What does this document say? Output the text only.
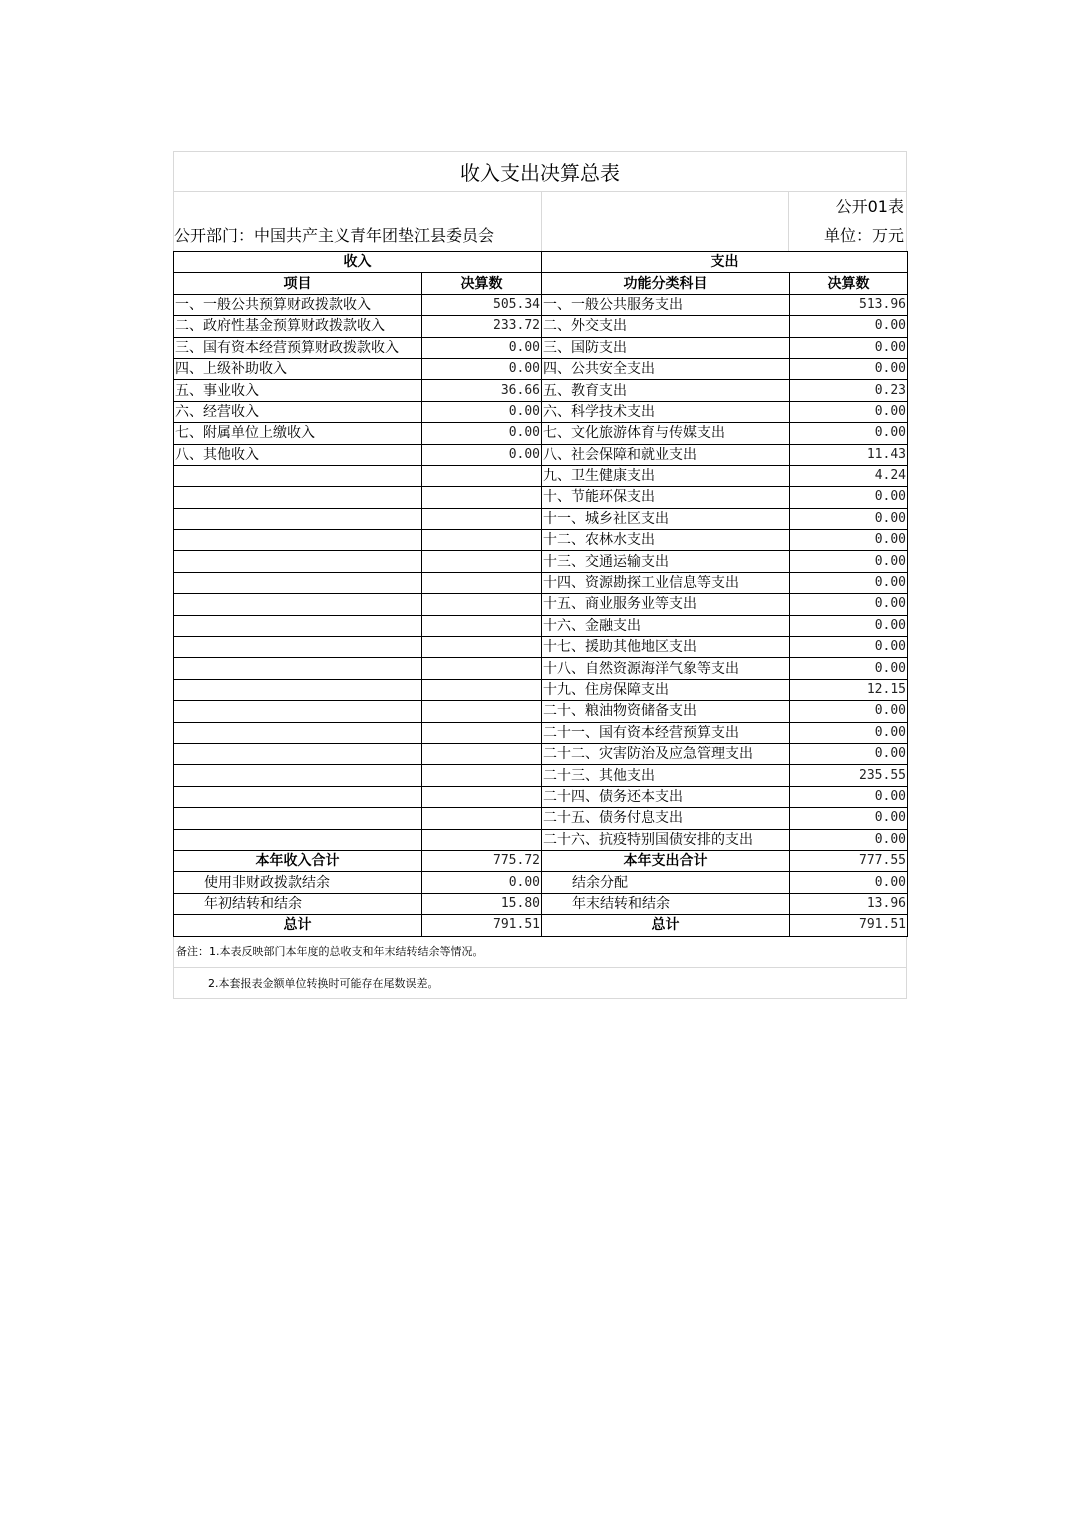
收入支出决算总表
公开01表
公开部门：中国共产主义青年团垫江县委员会	单位：万元
收入		支出	
项目	决算数	功能分类科目	决算数
一、一般公共预算财政拨款收入	505.34	一、一般公共服务支出	513.96
二、政府性基金预算财政拨款收入	233.72	二、外交支出	0.00
三、国有资本经营预算财政拨款收入	0.00	三、国防支出	0.00
四、上级补助收入	0.00	四、公共安全支出	0.00
五、事业收入	36.66	五、教育支出	0.23
六、经营收入	0.00	六、科学技术支出	0.00
七、附属单位上缴收入	0.00	七、文化旅游体育与传媒支出	0.00
八、其他收入	0.00	八、社会保障和就业支出	11.43
		九、卫生健康支出	4.24
		十、节能环保支出	0.00
		十一、城乡社区支出	0.00
		十二、农林水支出	0.00
		十三、交通运输支出	0.00
		十四、资源勘探工业信息等支出	0.00
		十五、商业服务业等支出	0.00
		十六、金融支出	0.00
		十七、援助其他地区支出	0.00
		十八、自然资源海洋气象等支出	0.00
		十九、住房保障支出	12.15
		二十、粮油物资储备支出	0.00
		二十一、国有资本经营预算支出	0.00
		二十二、灾害防治及应急管理支出	0.00
		二十三、其他支出	235.55
		二十四、债务还本支出	0.00
		二十五、债务付息支出	0.00
		二十六、抗疫特别国债安排的支出	0.00
本年收入合计	775.72	本年支出合计	777.55
使用非财政拨款结余	0.00	结余分配	0.00
年初结转和结余	15.80	年末结转和结余	13.96
总计	791.51	总计	791.51
备注：1.本表反映部门本年度的总收支和年末结转结余等情况。
2.本套报表金额单位转换时可能存在尾数误差。
